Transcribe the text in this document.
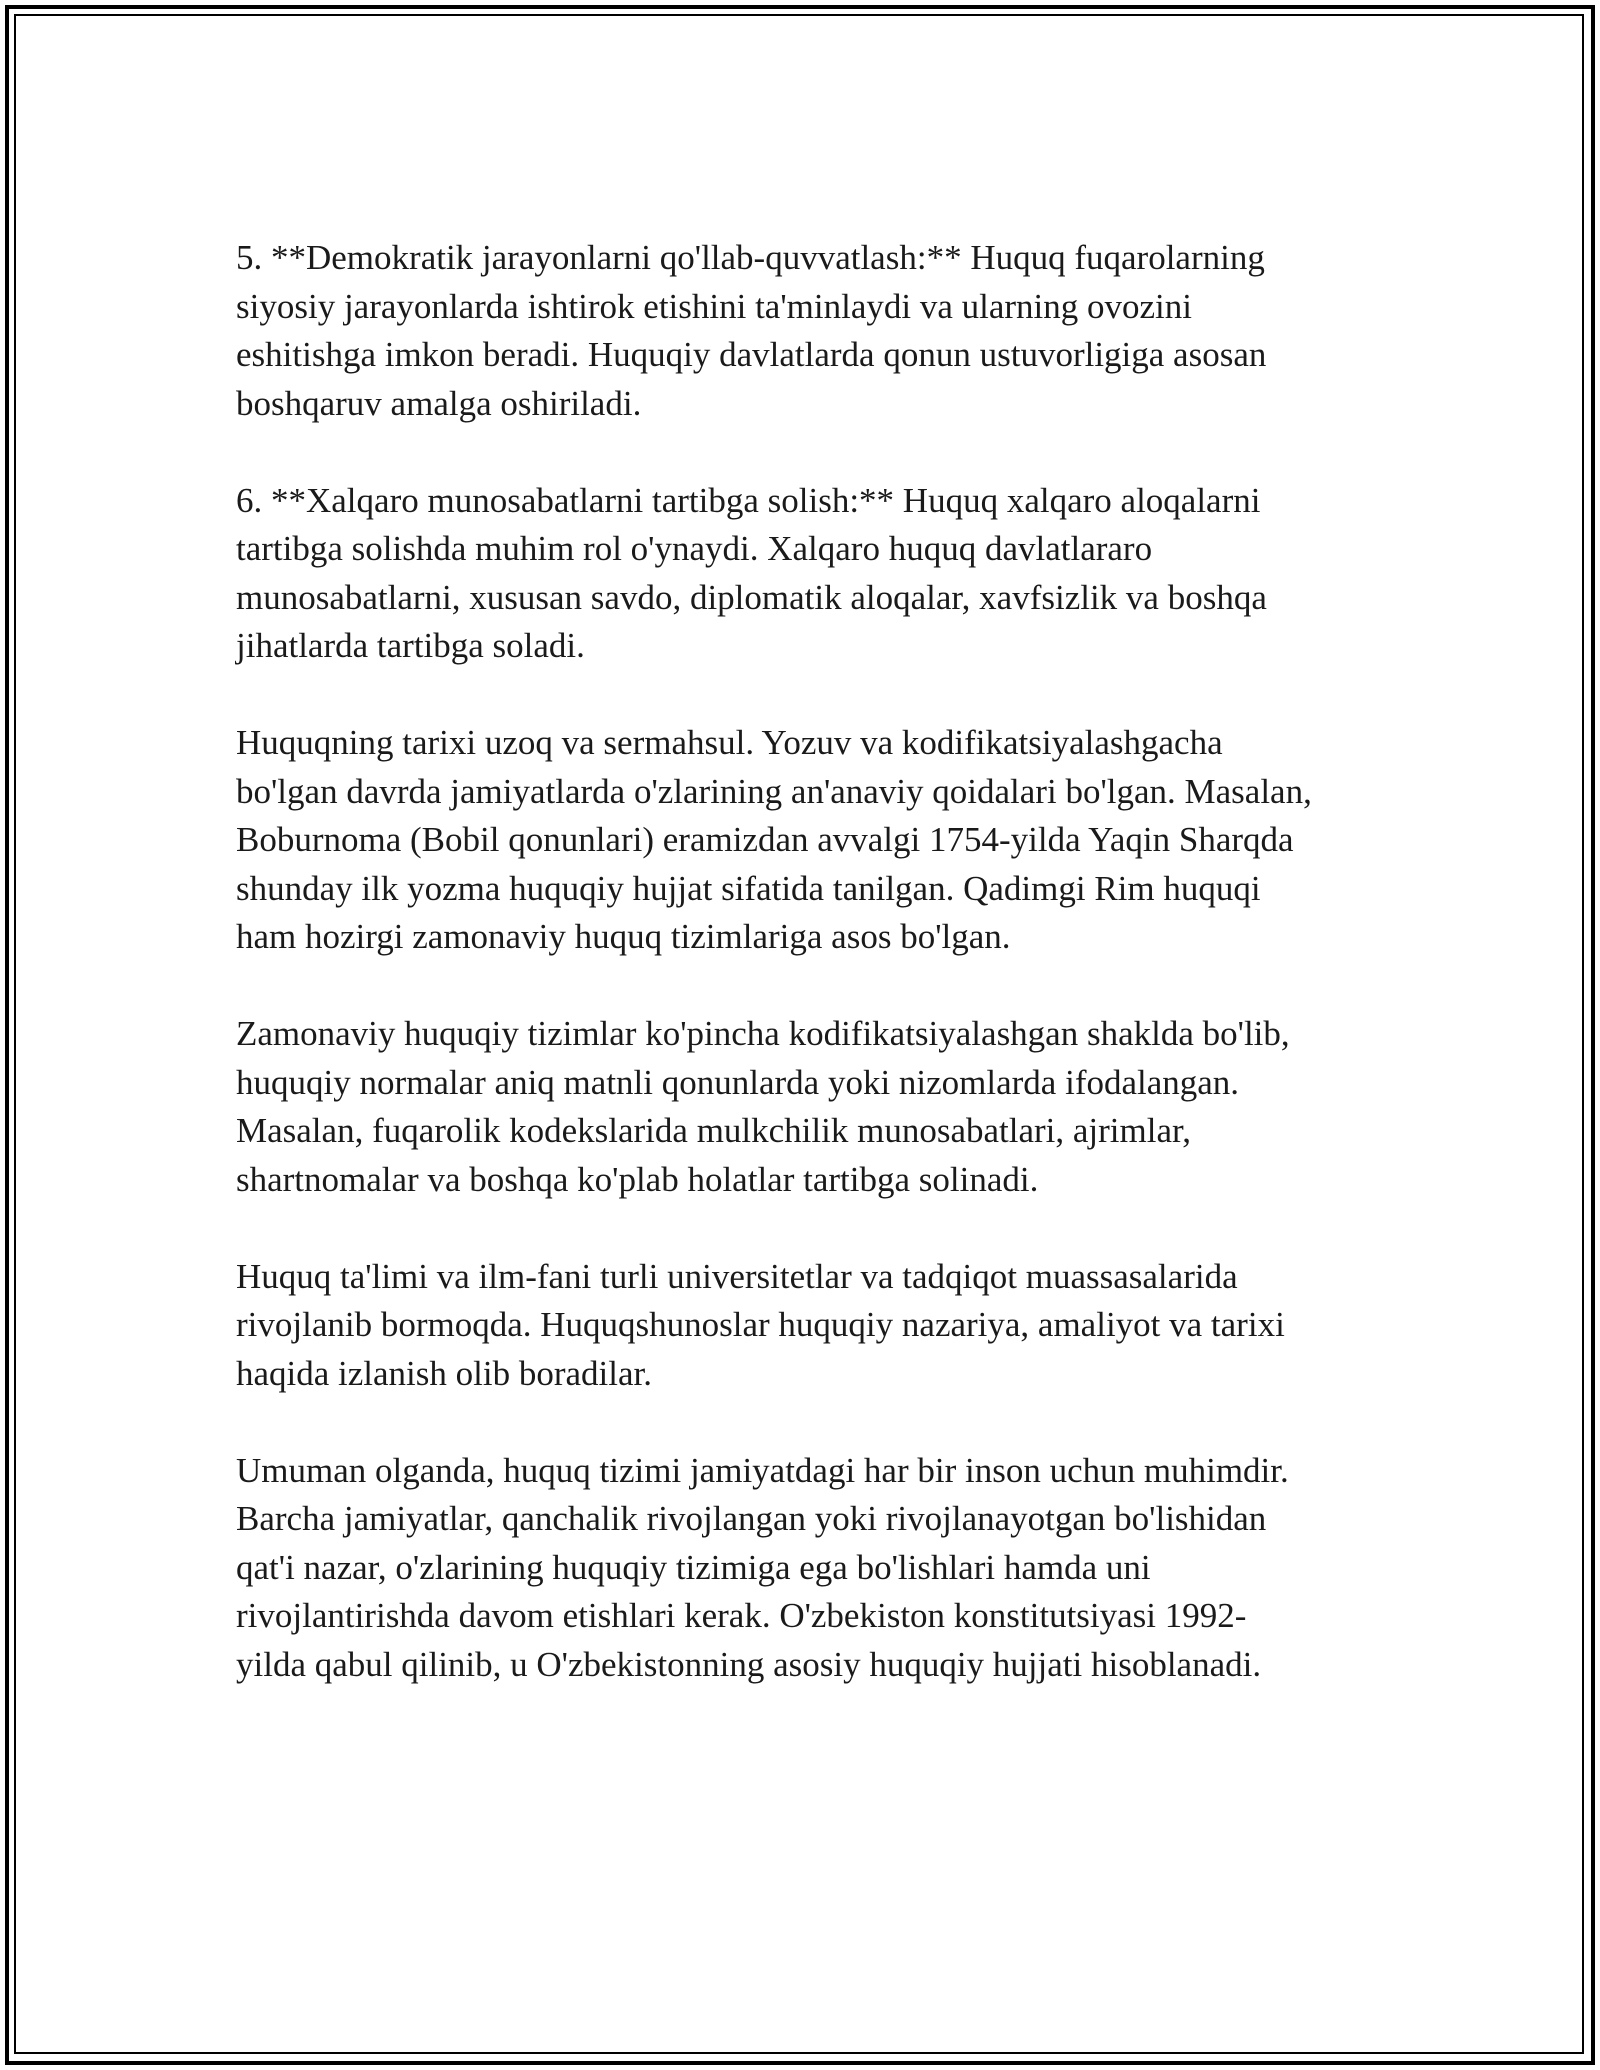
5. **Demokratik jarayonlarni qo'llab-quvvatlash:** Huquq fuqarolarning
siyosiy jarayonlarda ishtirok etishini ta'minlaydi va ularning ovozini
eshitishga imkon beradi. Huquqiy davlatlarda qonun ustuvorligiga asosan
boshqaruv amalga oshiriladi.

6. **Xalqaro munosabatlarni tartibga solish:** Huquq xalqaro aloqalarni
tartibga solishda muhim rol o'ynaydi. Xalqaro huquq davlatlararo
munosabatlarni, xususan savdo, diplomatik aloqalar, xavfsizlik va boshqa
jihatlarda tartibga soladi.

Huquqning tarixi uzoq va sermahsul. Yozuv va kodifikatsiyalashgacha
bo'lgan davrda jamiyatlarda o'zlarining an'anaviy qoidalari bo'lgan. Masalan,
Boburnoma (Bobil qonunlari) eramizdan avvalgi 1754-yilda Yaqin Sharqda
shunday ilk yozma huquqiy hujjat sifatida tanilgan. Qadimgi Rim huquqi
ham hozirgi zamonaviy huquq tizimlariga asos bo'lgan.

Zamonaviy huquqiy tizimlar ko'pincha kodifikatsiyalashgan shaklda bo'lib,
huquqiy normalar aniq matnli qonunlarda yoki nizomlarda ifodalangan.
Masalan, fuqarolik kodekslarida mulkchilik munosabatlari, ajrimlar,
shartnomalar va boshqa ko'plab holatlar tartibga solinadi.

Huquq ta'limi va ilm-fani turli universitetlar va tadqiqot muassasalarida
rivojlanib bormoqda. Huquqshunoslar huquqiy nazariya, amaliyot va tarixi
haqida izlanish olib boradilar.

Umuman olganda, huquq tizimi jamiyatdagi har bir inson uchun muhimdir.
Barcha jamiyatlar, qanchalik rivojlangan yoki rivojlanayotgan bo'lishidan
qat'i nazar, o'zlarining huquqiy tizimiga ega bo'lishlari hamda uni
rivojlantirishda davom etishlari kerak. O'zbekiston konstitutsiyasi 1992-
yilda qabul qilinib, u O'zbekistonning asosiy huquqiy hujjati hisoblanadi.
